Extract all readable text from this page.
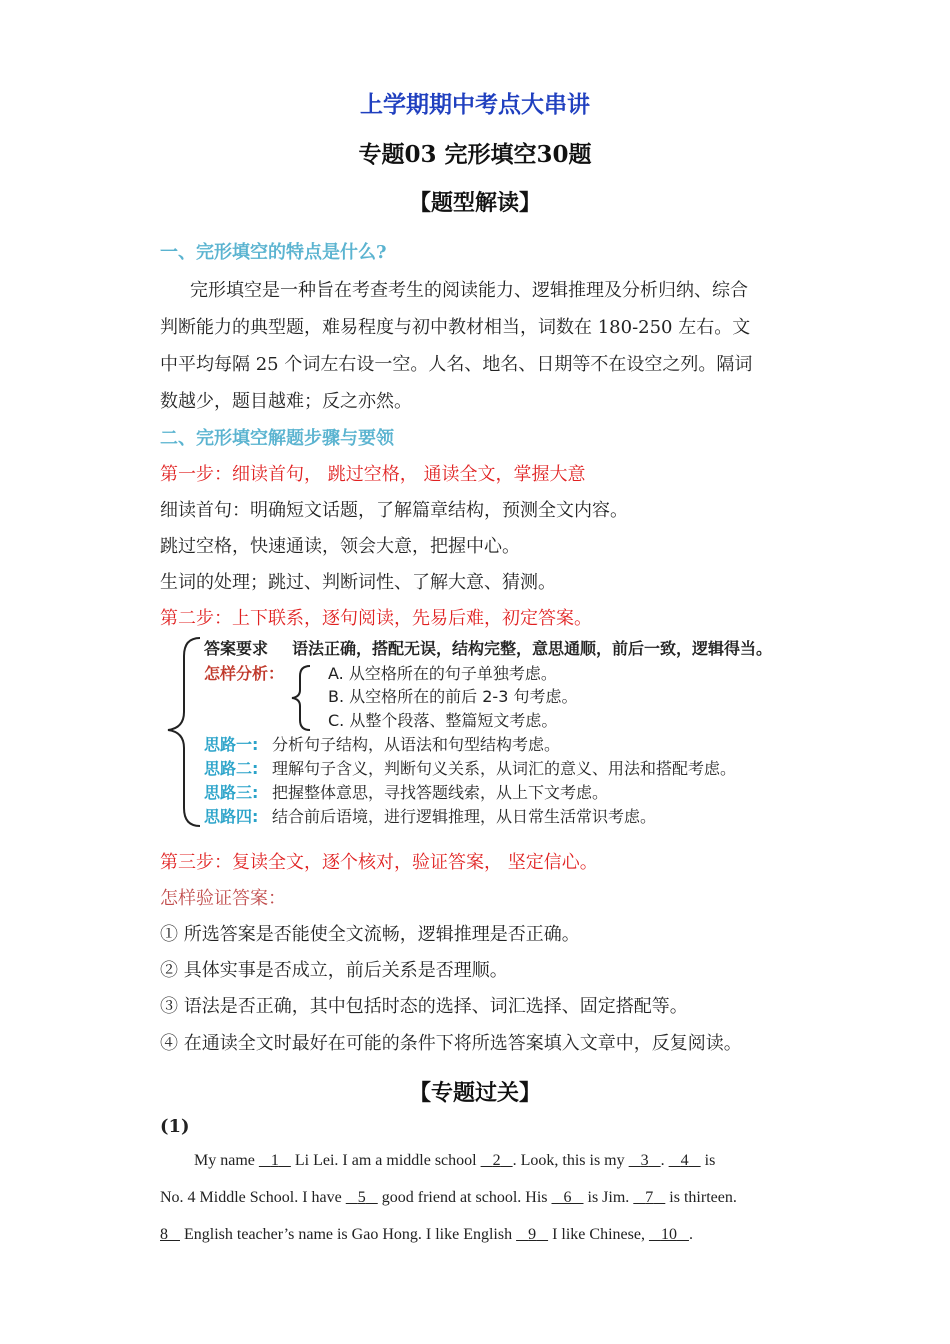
上学期期中考点大串讲
专题03 完形填空30题
【题型解读】
一、完形填空的特点是什么?
完形填空是一种旨在考查考生的阅读能力、逻辑推理及分析归纳、综合
判断能力的典型题，难易程度与初中教材相当，词数在 180-250 左右。文
中平均每隔 25 个词左右设一空。人名、地名、日期等不在设空之列。隔词
数越少，题目越难；反之亦然。
二、完形填空解题步骤与要领
第一步：细读首句， 跳过空格， 通读全文，掌握大意
细读首句：明确短文话题，了解篇章结构，预测全文内容。
跳过空格，快速通读，领会大意，把握中心。
生词的处理；跳过、判断词性、了解大意、猜测。
第二步：上下联系，逐句阅读，先易后难，初定答案。
答案要求 语法正确，搭配无误，结构完整，意思通顺，前后一致，逻辑得当。
怎样分析：	A. 从空格所在的句子单独考虑。
B. 从空格所在的前后 2-3 句考虑。
C. 从整个段落、整篇短文考虑。
思路一: 分析句子结构，从语法和句型结构考虑。
思路二: 理解句子含义，判断句义关系，从词汇的意义、用法和搭配考虑。
思路三: 把握整体意思，寻找答题线索，从上下文考虑。
思路四: 结合前后语境，进行逻辑推理，从日常生活常识考虑。
第三步：复读全文，逐个核对，验证答案， 坚定信心。
怎样验证答案：
① 所选答案是否能使全文流畅，逻辑推理是否正确。
② 具体实事是否成立，前后关系是否理顺。
③ 语法是否正确，其中包括时态的选择、词汇选择、固定搭配等。
④ 在通读全文时最好在可能的条件下将所选答案填入文章中，反复阅读。
【专题过关】
(1)
My name    1    Li Lei. I am a middle school    2 . Look, this is my    3 .    4    is
No. 4 Middle School. I have    5    good friend at school. His    6    is Jim.    7    is thirteen.
8    English teacher’s name is Gao Hong. I like English    9    I like Chinese,    10 .
